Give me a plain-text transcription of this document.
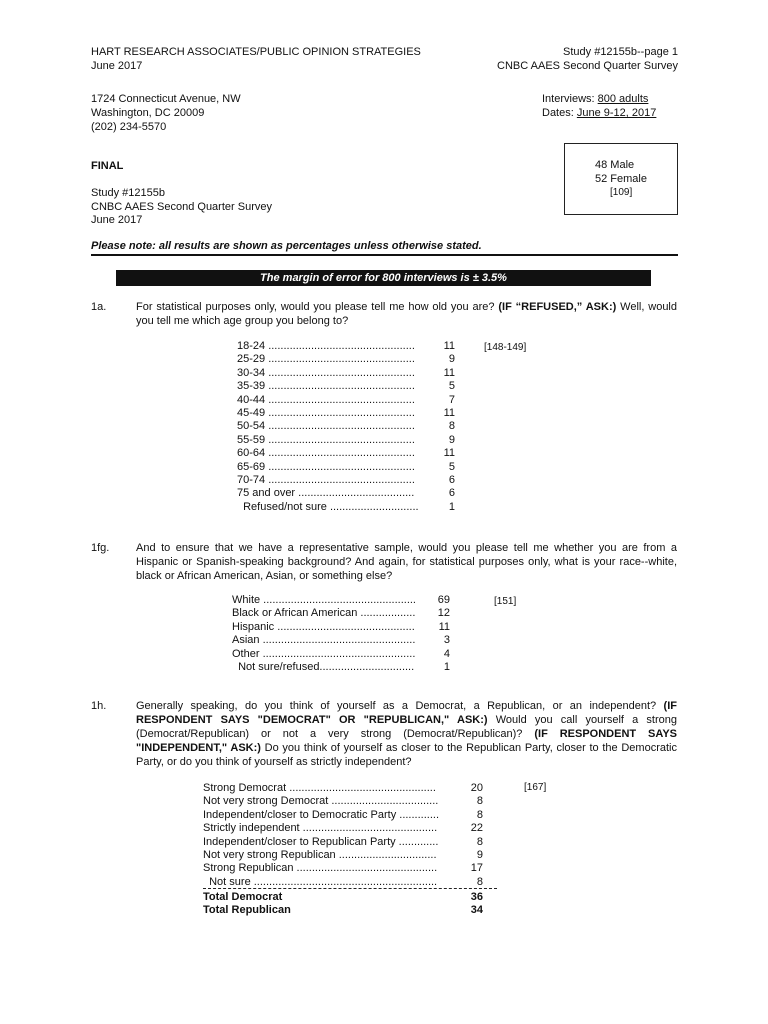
HART RESEARCH ASSOCIATES/PUBLIC OPINION STRATEGIES
June 2017
Study #12155b--page 1
CNBC AAES Second Quarter Survey
1724 Connecticut Avenue, NW
Washington, DC 20009
(202) 234-5570
Interviews: 800 adults
Dates: June 9-12, 2017
48 Male
52 Female
[109]
FINAL
Study #12155b
CNBC AAES Second Quarter Survey
June 2017
Please note: all results are shown as percentages unless otherwise stated.
The margin of error for 800 interviews is ± 3.5%
1a.	For statistical purposes only, would you please tell me how old you are? (IF “REFUSED,” ASK:) Well, would you tell me which age group you belong to?
[148-149]
18-24 ................................................	11
25-29 ................................................	9
30-34 ................................................	11
35-39 ................................................	5
40-44 ................................................	7
45-49 ................................................	11
50-54 ................................................	8
55-59 ................................................	9
60-64 ................................................	11
65-69 ................................................	5
70-74 ................................................	6
75 and over ......................................	6
Refused/not sure .............................	1
1fg. And to ensure that we have a representative sample, would you please tell me whether you are from a Hispanic or Spanish-speaking background? And again, for statistical purposes only, what is your race--white, black or African American, Asian, or something else?
[151]
White ..................................................	69
Black or African American ..................	12
Hispanic .............................................	11
Asian ..................................................	3
Other ..................................................	4
Not sure/refused...............................	1
1h.	Generally speaking, do you think of yourself as a Democrat, a Republican, or an independent? (IF RESPONDENT SAYS "DEMOCRAT" OR "REPUBLICAN," ASK:) Would you call yourself a strong (Democrat/Republican) or not a very strong (Democrat/Republican)? (IF RESPONDENT SAYS "INDEPENDENT," ASK:) Do you think of yourself as closer to the Republican Party, closer to the Democratic Party, or do you think of yourself as strictly independent?
[167]
Strong Democrat ................................................	20
Not very strong Democrat ...................................	8
Independent/closer to Democratic Party .............	8
Strictly independent ............................................	22
Independent/closer to Republican Party .............	8
Not very strong Republican ................................	9
Strong Republican ..............................................	17
Not sure ............................................................	8
Total Democrat	36
Total Republican	34
